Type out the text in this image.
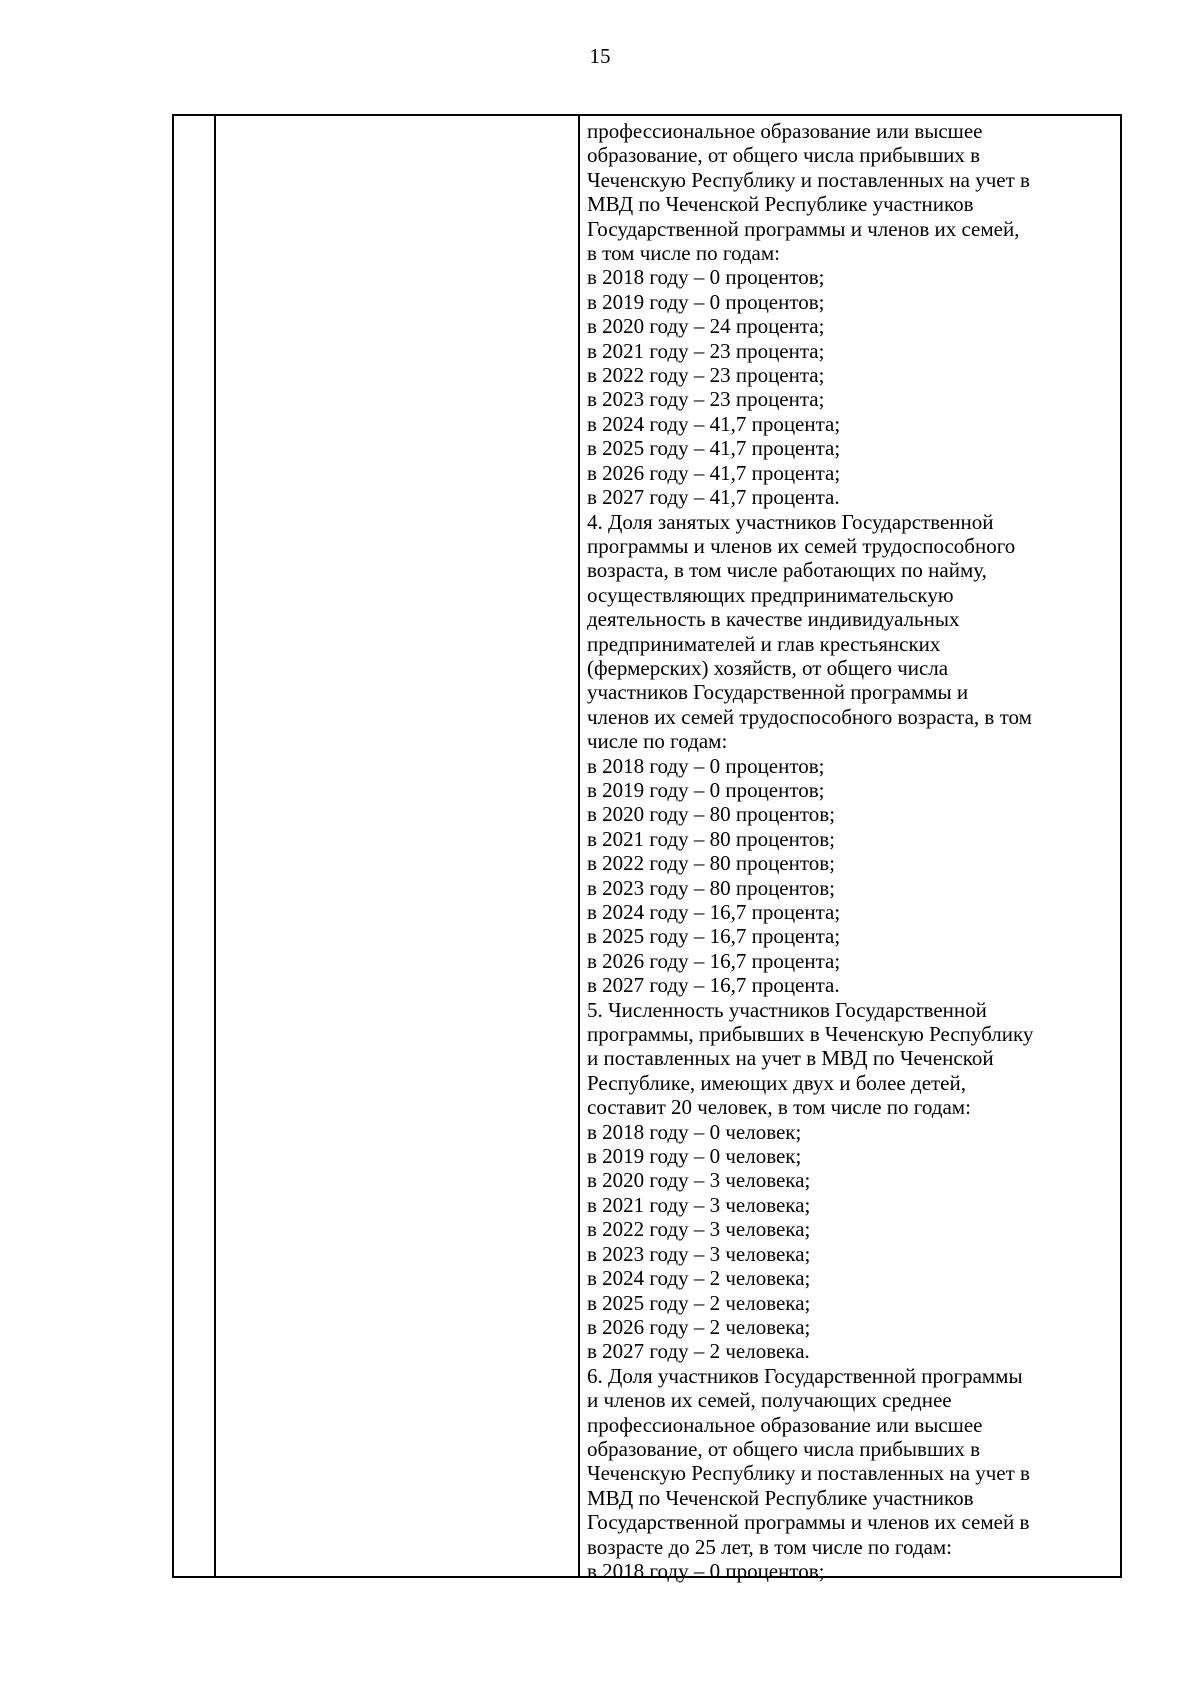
15
профессиональное образование или высшее
образование, от общего числа прибывших в
Чеченскую Республику и поставленных на учет в
МВД по Чеченской Республике участников
Государственной программы и членов их семей,
в том числе по годам:
в 2018 году – 0 процентов;
в 2019 году – 0 процентов;
в 2020 году – 24 процента;
в 2021 году – 23 процента;
в 2022 году – 23 процента;
в 2023 году – 23 процента;
в 2024 году – 41,7 процента;
в 2025 году – 41,7 процента;
в 2026 году – 41,7 процента;
в 2027 году – 41,7 процента.
4. Доля занятых участников Государственной
программы и членов их семей трудоспособного
возраста, в том числе работающих по найму,
осуществляющих предпринимательскую
деятельность в качестве индивидуальных
предпринимателей и глав крестьянских
(фермерских) хозяйств, от общего числа
участников Государственной программы и
членов их семей трудоспособного возраста, в том
числе по годам:
в 2018 году – 0 процентов;
в 2019 году – 0 процентов;
в 2020 году – 80 процентов;
в 2021 году – 80 процентов;
в 2022 году – 80 процентов;
в 2023 году – 80 процентов;
в 2024 году – 16,7 процента;
в 2025 году – 16,7 процента;
в 2026 году – 16,7 процента;
в 2027 году – 16,7 процента.
5. Численность участников Государственной
программы, прибывших в Чеченскую Республику
и поставленных на учет в МВД по Чеченской
Республике, имеющих двух и более детей,
составит 20 человек, в том числе по годам:
в 2018 году – 0 человек;
в 2019 году – 0 человек;
в 2020 году – 3 человека;
в 2021 году – 3 человека;
в 2022 году – 3 человека;
в 2023 году – 3 человека;
в 2024 году – 2 человека;
в 2025 году – 2 человека;
в 2026 году – 2 человека;
в 2027 году – 2 человека.
6. Доля участников Государственной программы
и членов их семей, получающих среднее
профессиональное образование или высшее
образование, от общего числа прибывших в
Чеченскую Республику и поставленных на учет в
МВД по Чеченской Республике участников
Государственной программы и членов их семей в
возрасте до 25 лет, в том числе по годам:
в 2018 году – 0 процентов;
